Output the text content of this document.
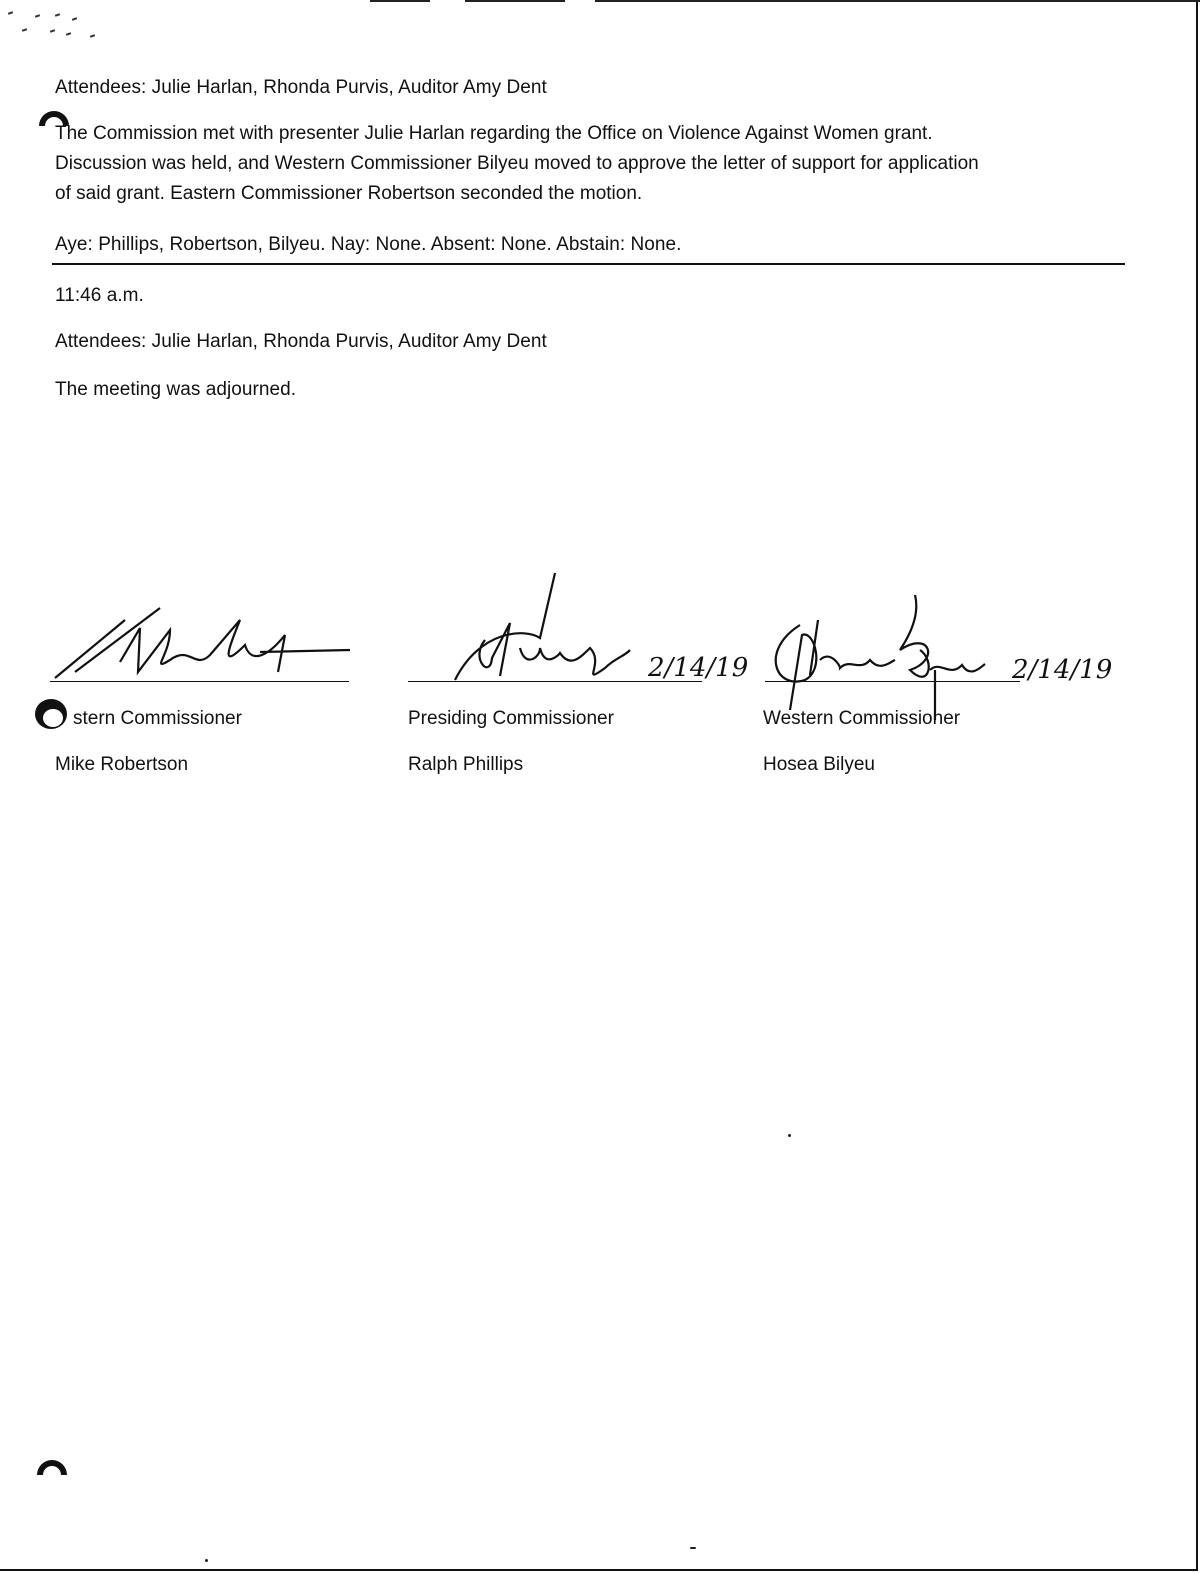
Attendees: Julie Harlan, Rhonda Purvis, Auditor Amy Dent
The Commission met with presenter Julie Harlan regarding the Office on Violence Against Women grant.
Discussion was held, and Western Commissioner Bilyeu moved to approve the letter of support for application
of said grant. Eastern Commissioner Robertson seconded the motion.
Aye: Phillips, Robertson, Bilyeu. Nay: None. Absent: None. Abstain: None.
11:46 a.m.
Attendees: Julie Harlan, Rhonda Purvis, Auditor Amy Dent
The meeting was adjourned.
stern Commissioner
Mike Robertson
2/14/19
Presiding Commissioner
Ralph Phillips
2/14/19
Western Commissioner
Hosea Bilyeu
